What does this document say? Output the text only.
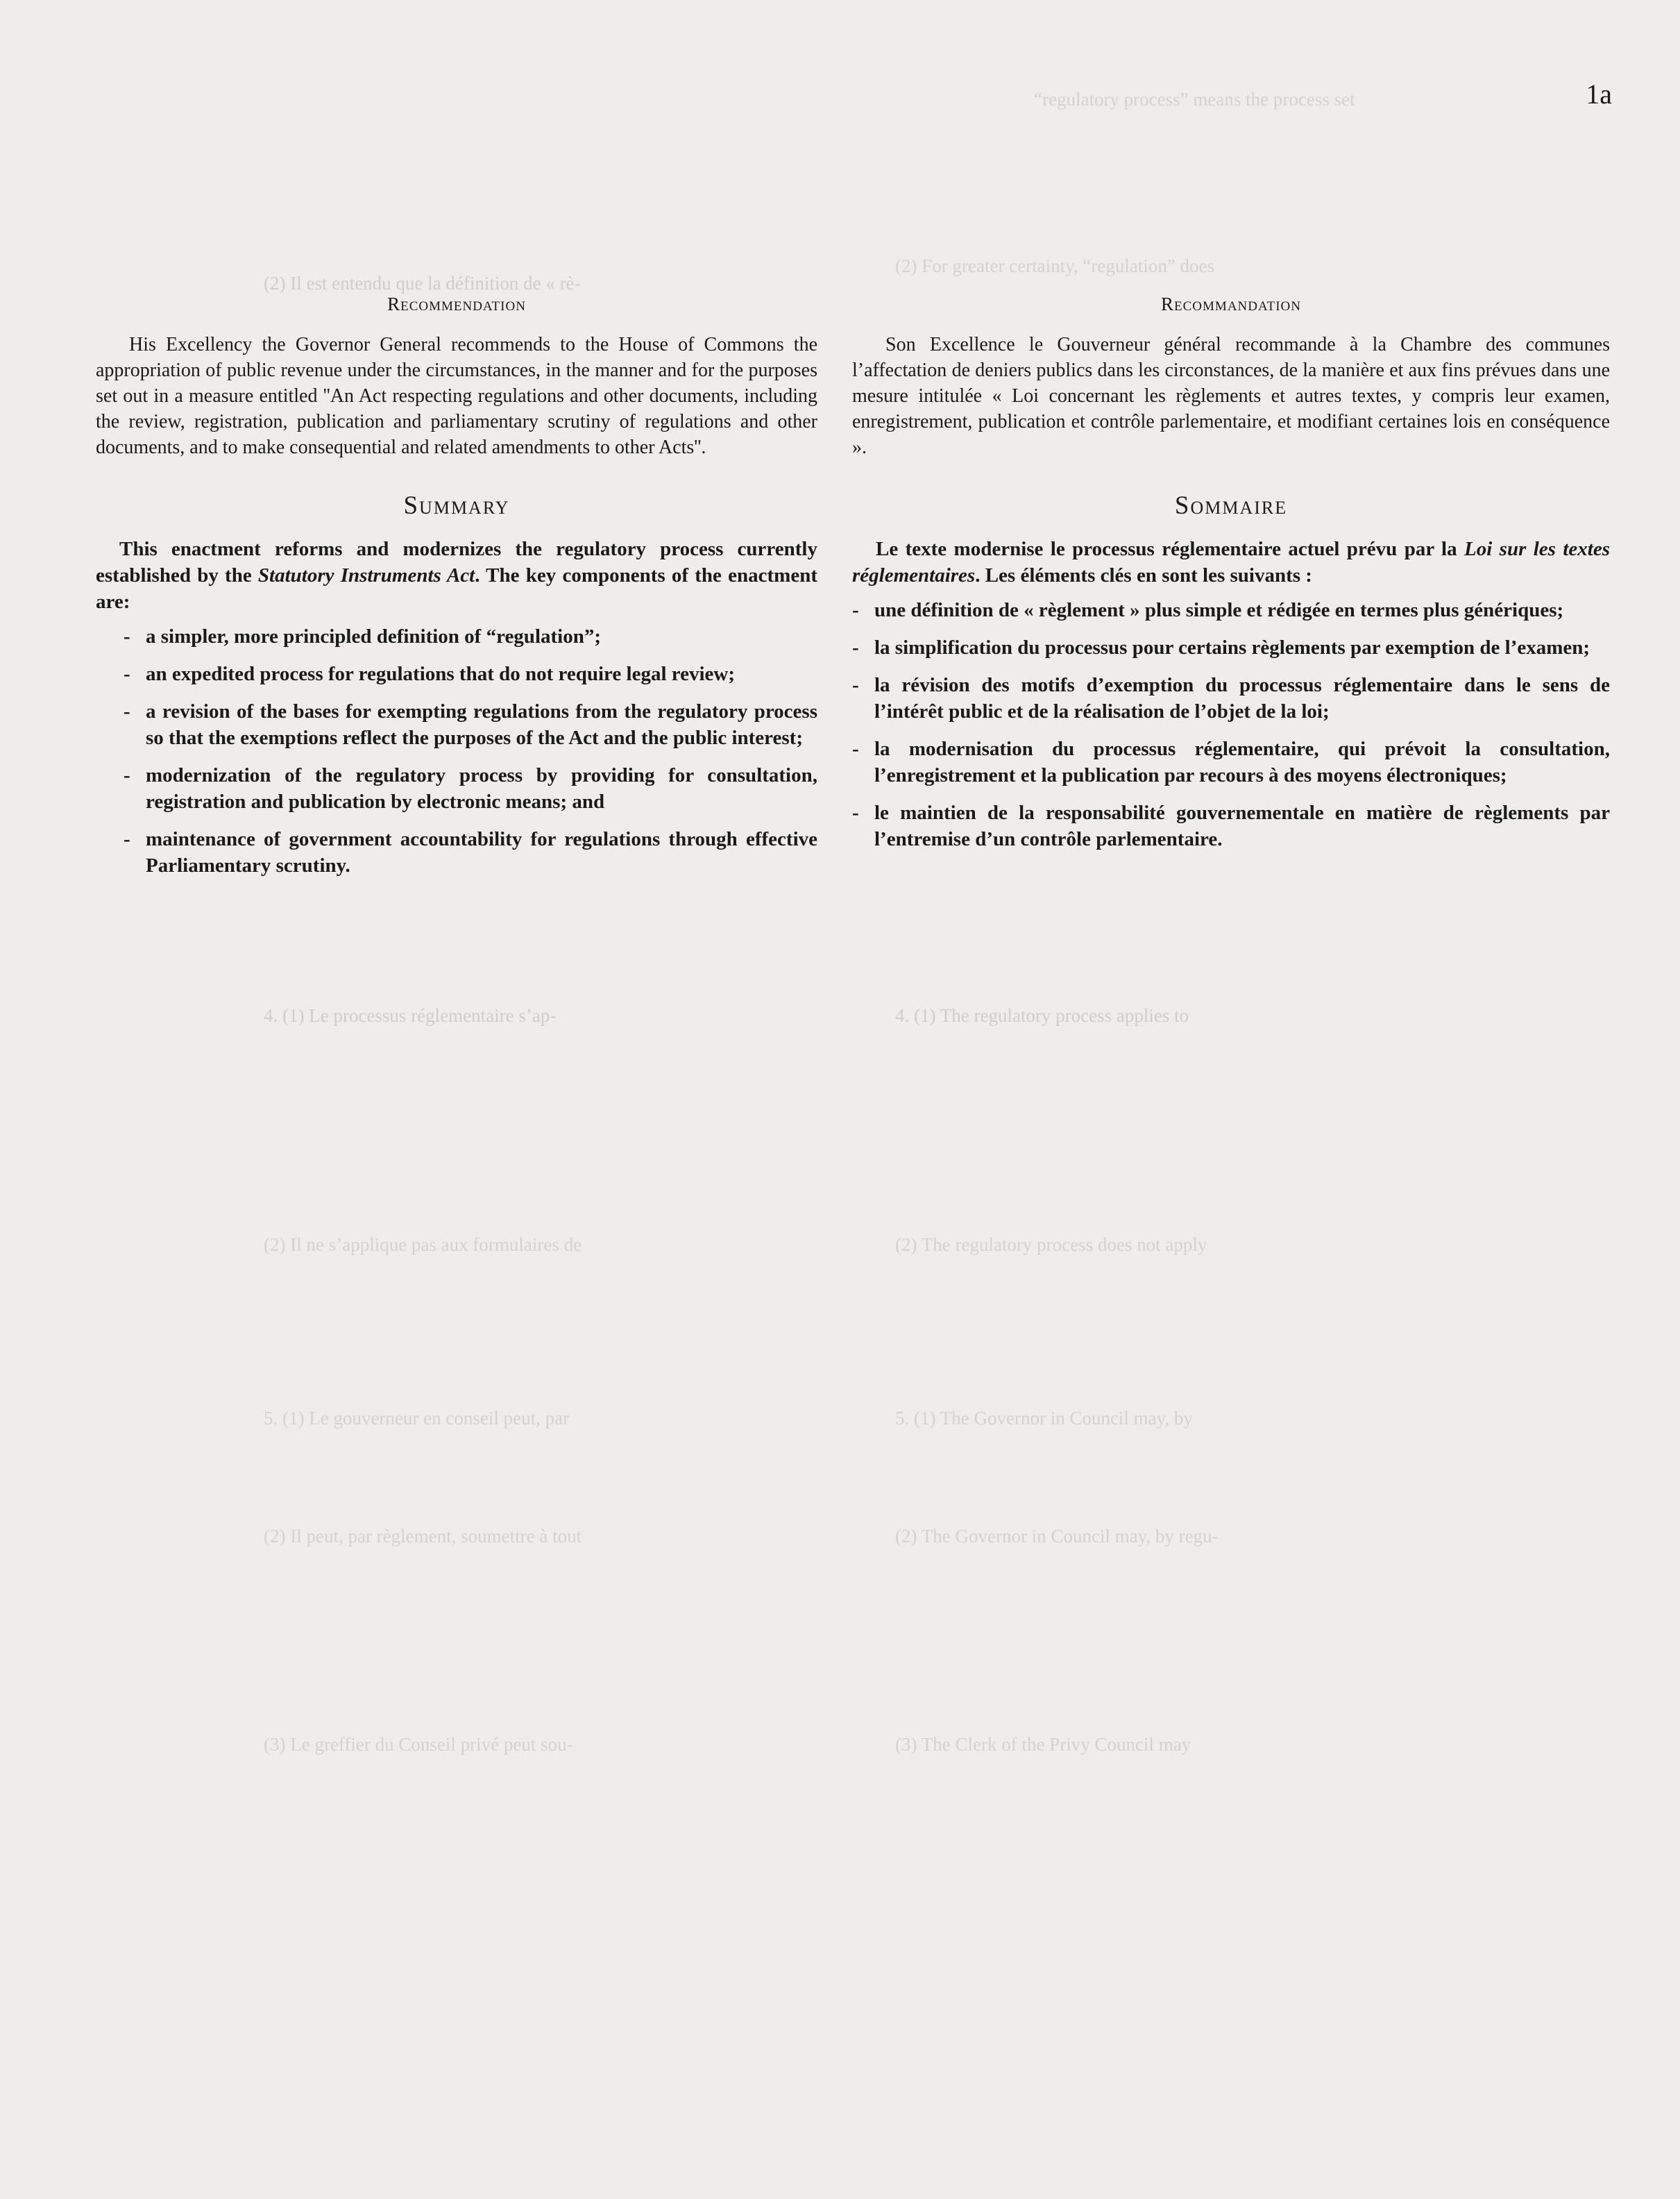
“regulatory process” means the process set
(2) For greater certainty, “regulation” does
(2) Il est entendu que la définition de « rè-
4. (1) The regulatory process applies to
4. (1) Le processus réglementaire s’ap-
(2) The regulatory process does not apply
(2) Il ne s’applique pas aux formulaires de
5. (1) The Governor in Council may, by
5. (1) Le gouverneur en conseil peut, par
(2) The Governor in Council may, by regu-
(2) Il peut, par règlement, soumettre à tout
(3) The Clerk of the Privy Council may
(3) Le greffier du Conseil privé peut sou-
1a
Recommendation

His Excellency the Governor General recommends to the House of Commons the appropriation of public revenue under the circumstances, in the manner and for the purposes set out in a measure entitled ''An Act respecting regulations and other documents, including the review, registration, publication and parliamentary scrutiny of regulations and other documents, and to make consequential and related amendments to other Acts''.

Summary

This enactment reforms and modernizes the regulatory process currently established by the Statutory Instruments Act. The key components of the enactment are:

- a simpler, more principled definition of “regulation”;
- an expedited process for regulations that do not require legal review;
- a revision of the bases for exempting regulations from the regulatory process so that the exemptions reflect the purposes of the Act and the public interest;
- modernization of the regulatory process by providing for consultation, registration and publication by electronic means; and
- maintenance of government accountability for regulations through effective Parliamentary scrutiny.
Recommandation

Son Excellence le Gouverneur général recommande à la Chambre des communes l’affectation de deniers publics dans les circonstances, de la manière et aux fins prévues dans une mesure intitulée « Loi concernant les règlements et autres textes, y compris leur examen, enregistrement, publication et contrôle parlementaire, et modifiant certaines lois en conséquence ».

Sommaire

Le texte modernise le processus réglementaire actuel prévu par la Loi sur les textes réglementaires. Les éléments clés en sont les suivants :

- une définition de « règlement » plus simple et rédigée en termes plus génériques;
- la simplification du processus pour certains règlements par exemption de l’examen;
- la révision des motifs d’exemption du processus réglementaire dans le sens de l’intérêt public et de la réalisation de l’objet de la loi;
- la modernisation du processus réglementaire, qui prévoit la consultation, l’enregistrement et la publication par recours à des moyens électroniques;
- le maintien de la responsabilité gouvernementale en matière de règlements par l’entremise d’un contrôle parlementaire.
